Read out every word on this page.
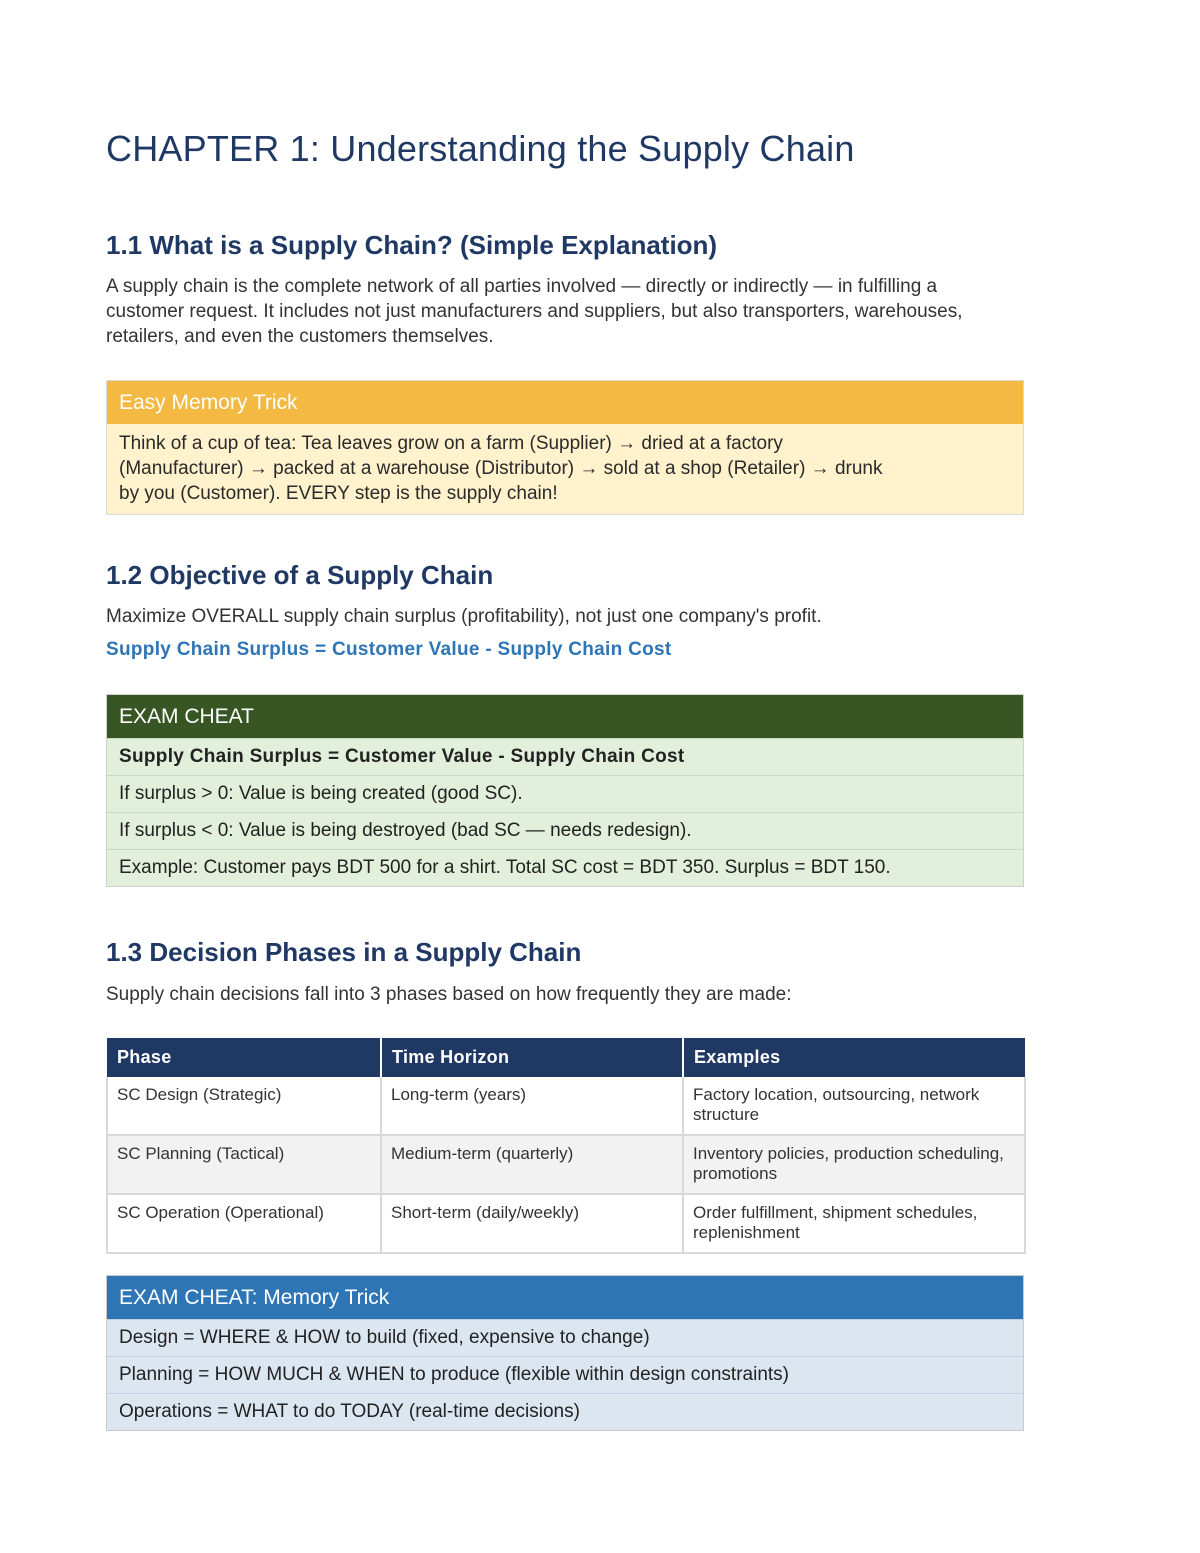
CHAPTER 1: Understanding the Supply Chain
1.1 What is a Supply Chain? (Simple Explanation)
A supply chain is the complete network of all parties involved — directly or indirectly — in fulfilling a
customer request. It includes not just manufacturers and suppliers, but also transporters, warehouses,
retailers, and even the customers themselves.
Easy Memory Trick
Think of a cup of tea: Tea leaves grow on a farm (Supplier) → dried at a factory
(Manufacturer) → packed at a warehouse (Distributor) → sold at a shop (Retailer) → drunk
by you (Customer). EVERY step is the supply chain!
1.2 Objective of a Supply Chain
Maximize OVERALL supply chain surplus (profitability), not just one company's profit.
Supply Chain Surplus = Customer Value - Supply Chain Cost
EXAM CHEAT
Supply Chain Surplus = Customer Value - Supply Chain Cost
If surplus > 0: Value is being created (good SC).
If surplus < 0: Value is being destroyed (bad SC — needs redesign).
Example: Customer pays BDT 500 for a shirt. Total SC cost = BDT 350. Surplus = BDT 150.
1.3 Decision Phases in a Supply Chain
Supply chain decisions fall into 3 phases based on how frequently they are made:
Phase	Time Horizon	Examples
SC Design (Strategic)	Long-term (years)	Factory location, outsourcing, network structure
SC Planning (Tactical)	Medium-term (quarterly)	Inventory policies, production scheduling, promotions
SC Operation (Operational)	Short-term (daily/weekly)	Order fulfillment, shipment schedules, replenishment
EXAM CHEAT: Memory Trick
Design = WHERE & HOW to build (fixed, expensive to change)
Planning = HOW MUCH & WHEN to produce (flexible within design constraints)
Operations = WHAT to do TODAY (real-time decisions)
